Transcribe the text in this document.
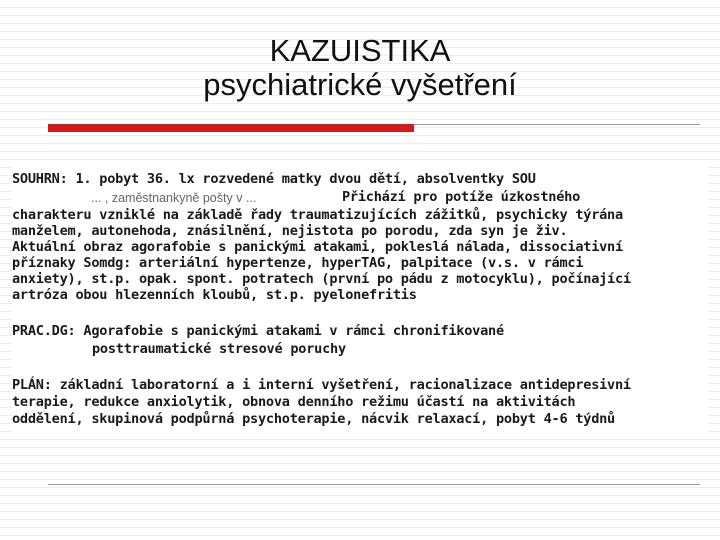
KAZUISTIKA
psychiatrické vyšetření
SOUHRN: 1. pobyt 36. lx rozvedené matky dvou dětí, absolventky SOU
charakteru vzniklé na základě řady traumatizujících zážitků, psychicky týrána
manželem, autonehoda, znásilnění, nejistota po porodu, zda syn je živ.
Aktuální obraz agorafobie s panickými atakami, pokleslá nálada, dissociativní
příznaky Somdg: arteriální hypertenze, hyperTAG, palpitace (v.s. v rámci
anxiety), st.p. opak. spont. potratech (první po pádu z motocyklu), počínající
artróza obou hlezenních kloubů, st.p. pyelonefritis
PRAC.DG: Agorafobie s panickými atakami v rámci chronifikované
posttraumatické stresové poruchy
PLÁN: základní laboratorní a i interní vyšetření, racionalizace antidepresivní
terapie, redukce anxiolytik, obnova denního režimu účastí na aktivitách
oddělení, skupinová podpůrná psychoterapie, nácvik relaxací, pobyt 4-6 týdnů
Přichází pro potíže úzkostného
... , zaměstnankyně pošty v ...
